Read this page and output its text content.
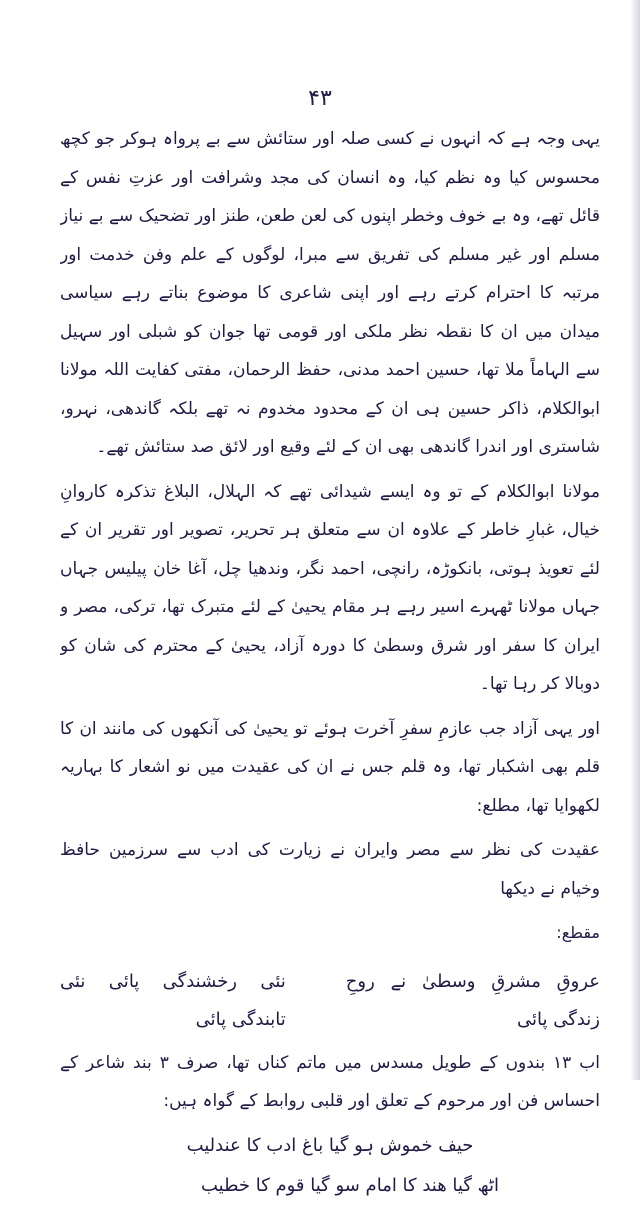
۴۳

یہی وجہ ہے کہ انہوں نے کسی صلہ اور ستائش سے بے پرواہ ہوکر جو کچھ محسوس کیا وہ نظم کیا، وہ انسان کی مجد وشرافت اور عزتِ نفس کے قائل تھے، وہ بے خوف وخطر اپنوں کی لعن طعن، طنز اور تضحیک سے بے نیاز مسلم اور غیر مسلم کی تفریق سے مبرا، لوگوں کے علم وفن خدمت اور مرتبہ کا احترام کرتے رہے اور اپنی شاعری کا موضوع بناتے رہے سیاسی میدان میں ان کا نقطہ نظر ملکی اور قومی تھا جوان کو شبلی اور سہیل سے الہاماً ملا تھا، حسین احمد مدنی، حفظ الرحمان، مفتی کفایت اللہ مولانا ابوالکلام، ذاکر حسین ہی ان کے محدود مخدوم نہ تھے بلکہ گاندھی، نہرو، شاستری اور اندرا گاندھی بھی ان کے لئے وقیع اور لائق صد ستائش تھے۔

مولانا ابوالکلام کے تو وہ ایسے شیدائی تھے کہ الہلال، البلاغ تذکرہ کاروانِ خیال، غبارِ خاطر کے علاوہ ان سے متعلق ہر تحریر، تصویر اور تقریر ان کے لئے تعویذ ہوتی، بانکوڑہ، رانچی، احمد نگر، وندھیا چل، آغا خان پیلیس جہاں جہاں مولانا ٹھہرے اسیر رہے ہر مقام یحییٰ کے لئے متبرک تھا، ترکی، مصر و ایران کا سفر اور شرق وسطیٰ کا دورہ آزاد، یحییٰ کے محترم کی شان کو دوبالا کر رہا تھا۔

اور یہی آزاد جب عازمِ سفرِ آخرت ہوئے تو یحییٰ کی آنکھوں کی مانند ان کا قلم بھی اشکبار تھا، وہ قلم جس نے ان کی عقیدت میں نو اشعار کا بہاریہ لکھوایا تھا، مطلع:

عقیدت کی نظر سے مصر وایران نے زیارت کی ادب سے سرزمین حافظ وخیام نے دیکھا

مقطع:

عروقِ مشرقِ وسطیٰ نے روحِ زندگی پائی
نئی رخشندگی پائی نئی تابندگی پائی

اب ۱۳ بندوں کے طویل مسدس میں ماتم کناں تھا، صرف ۳ بند شاعر کے احساس فن اور مرحوم کے تعلق اور قلبی روابط کے گواہ ہیں:

حیف خموش ہو گیا باغ ادب کا عندلیب
اٹھ گیا ھند کا امام سو گیا قوم کا خطیب
